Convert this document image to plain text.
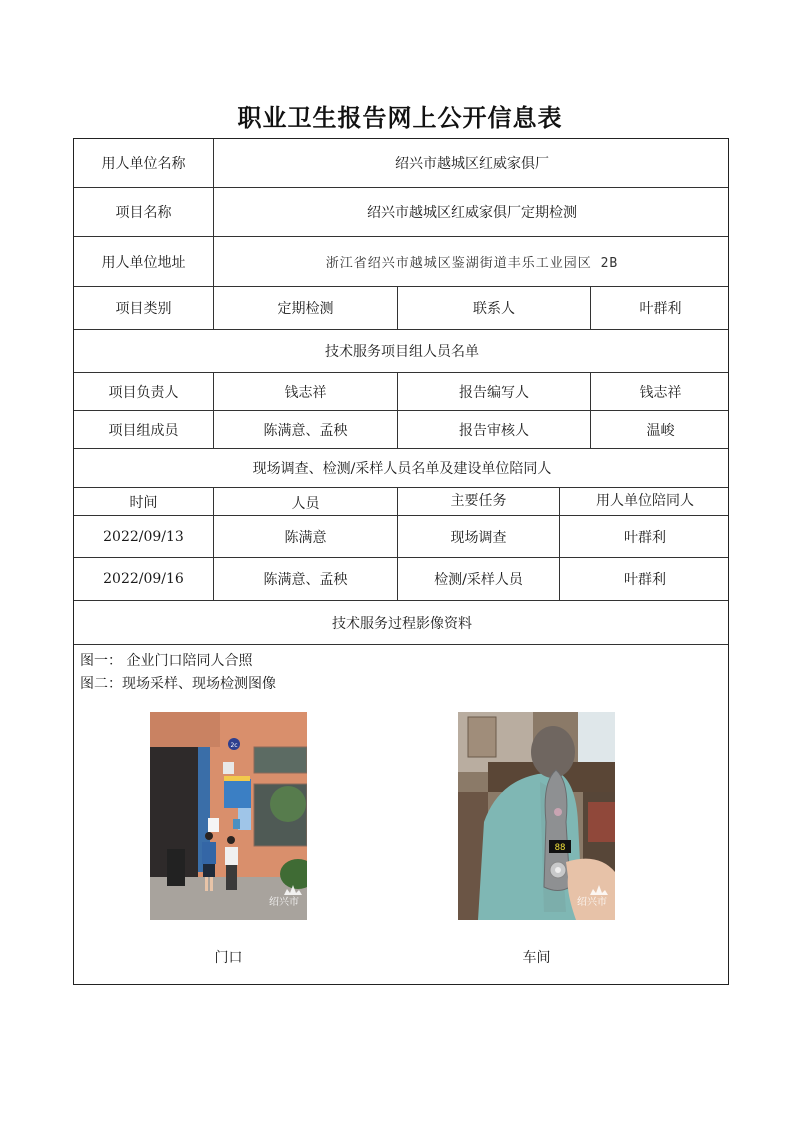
职业卫生报告网上公开信息表
用人单位名称	绍兴市越城区红威家俱厂
项目名称	绍兴市越城区红威家俱厂定期检测
用人单位地址	浙江省绍兴市越城区鉴湖街道丰乐工业园区 2B
项目类别	定期检测	联系人	叶群利
技术服务项目组人员名单
项目负责人	钱志祥	报告编写人	钱志祥
项目组成员	陈满意、孟秧	报告审核人	温峻
现场调查、检测/采样人员名单及建设单位陪同人
时间	人员	主要任务	用人单位陪同人
2022/09/13	陈满意	现场调查	叶群利
2022/09/16	陈满意、孟秧	检测/采样人员	叶群利
技术服务过程影像资料
图一： 企业门口陪同人合照
图二：现场采样、现场检测图像
2c
绍兴市

门口
88
绍兴市

车间
